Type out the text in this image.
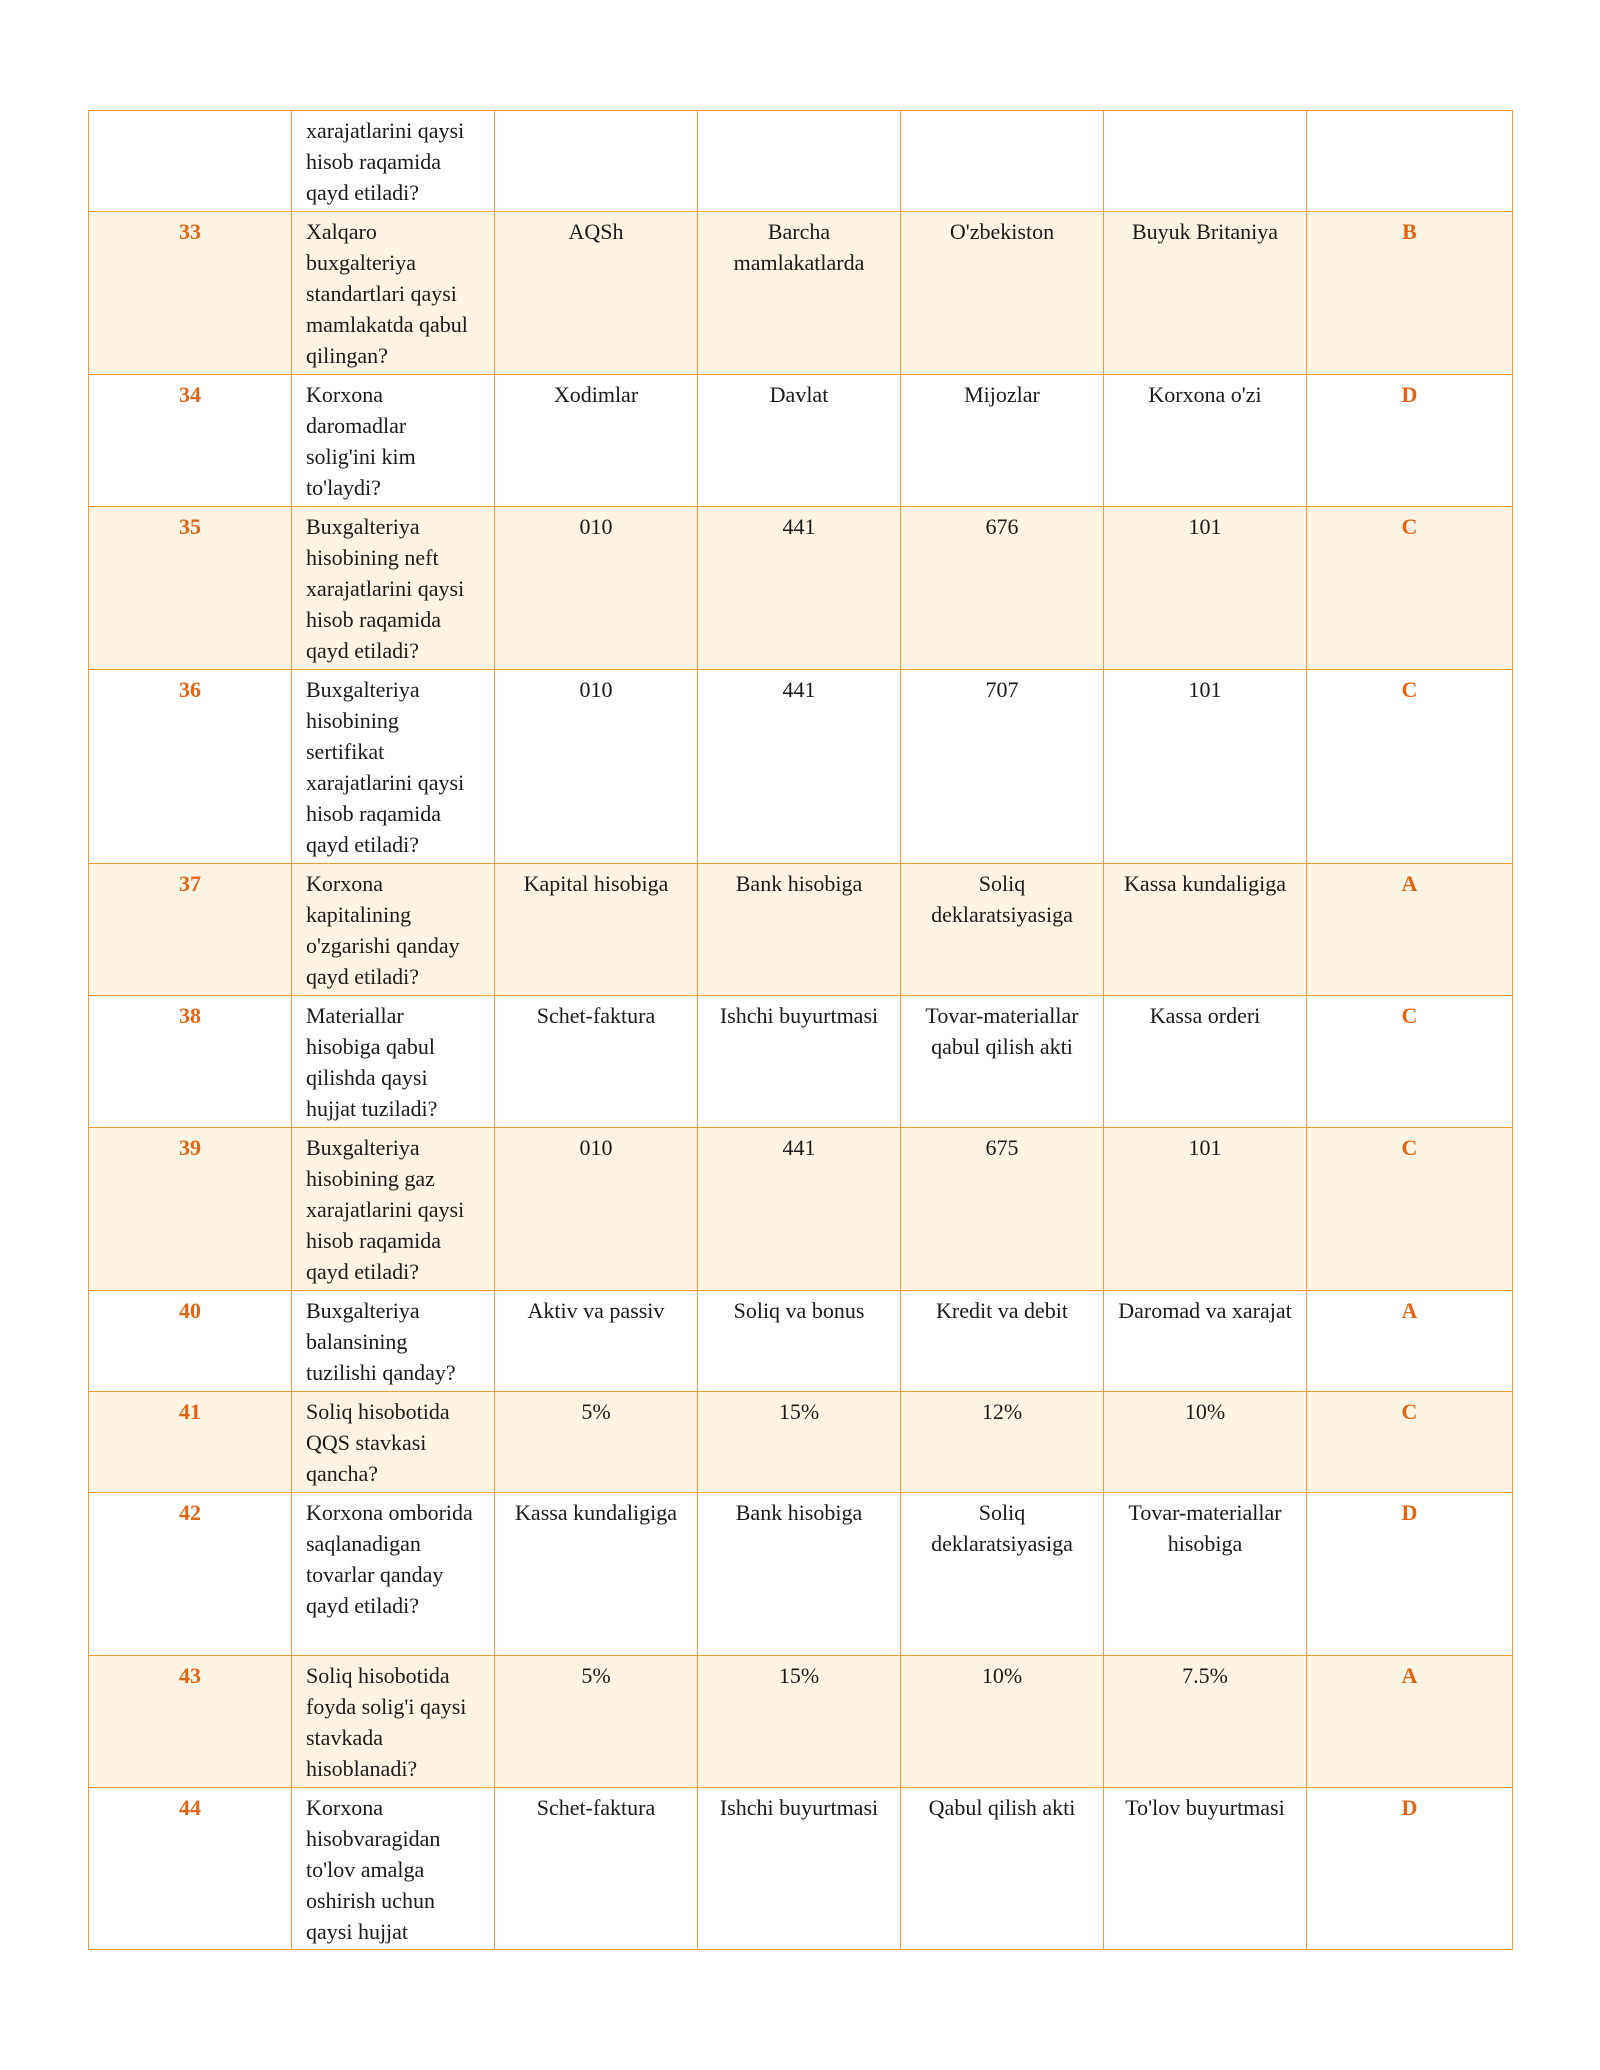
	xarajatlarini qaysi hisob raqamida qayd etiladi?					
33	Xalqaro buxgalteriya standartlari qaysi mamlakatda qabul qilingan?	AQSh	Barcha mamlakatlarda	O'zbekiston	Buyuk Britaniya	B
34	Korxona daromadlar solig'ini kim to'laydi?	Xodimlar	Davlat	Mijozlar	Korxona o'zi	D
35	Buxgalteriya hisobining neft xarajatlarini qaysi hisob raqamida qayd etiladi?	010	441	676	101	C
36	Buxgalteriya hisobining sertifikat xarajatlarini qaysi hisob raqamida qayd etiladi?	010	441	707	101	C
37	Korxona kapitalining o'zgarishi qanday qayd etiladi?	Kapital hisobiga	Bank hisobiga	Soliq deklaratsiyasiga	Kassa kundaligiga	A
38	Materiallar hisobiga qabul qilishda qaysi hujjat tuziladi?	Schet-faktura	Ishchi buyurtmasi	Tovar-materiallar qabul qilish akti	Kassa orderi	C
39	Buxgalteriya hisobining gaz xarajatlarini qaysi hisob raqamida qayd etiladi?	010	441	675	101	C
40	Buxgalteriya balansining tuzilishi qanday?	Aktiv va passiv	Soliq va bonus	Kredit va debit	Daromad va xarajat	A
41	Soliq hisobotida QQS stavkasi qancha?	5%	15%	12%	10%	C
42	Korxona omborida saqlanadigan tovarlar qanday qayd etiladi?	Kassa kundaligiga	Bank hisobiga	Soliq deklaratsiyasiga	Tovar-materiallar hisobiga	D
43	Soliq hisobotida foyda solig'i qaysi stavkada hisoblanadi?	5%	15%	10%	7.5%	A
44	Korxona hisobvaragidan to'lov amalga oshirish uchun qaysi hujjat	Schet-faktura	Ishchi buyurtmasi	Qabul qilish akti	To'lov buyurtmasi	D
